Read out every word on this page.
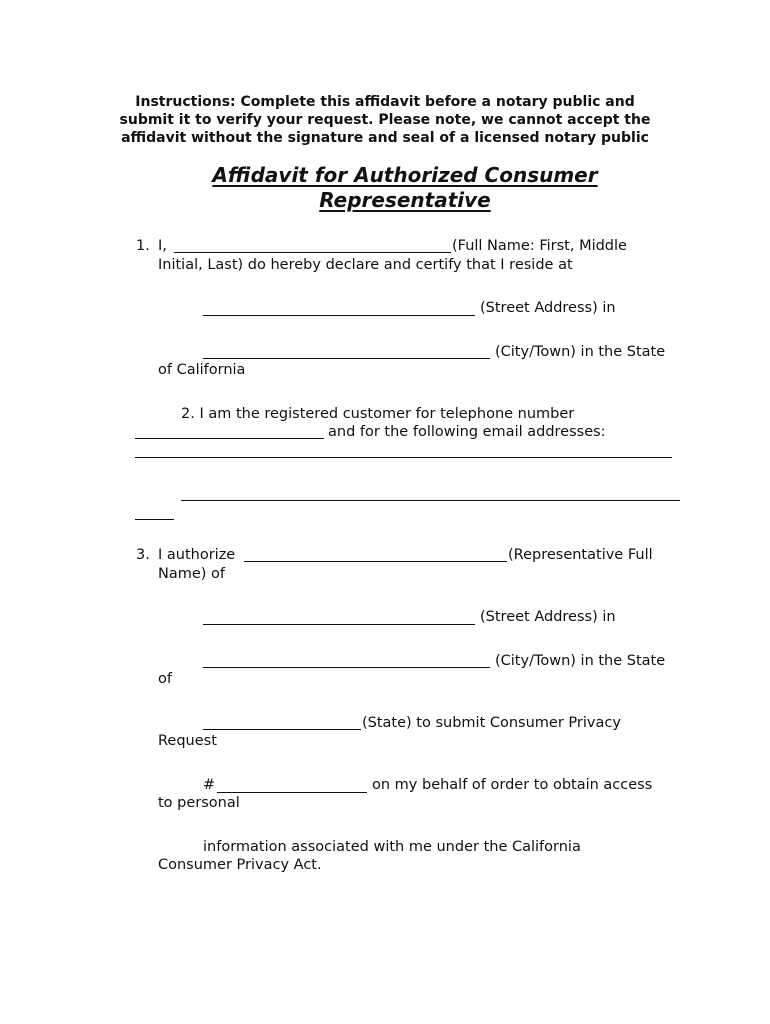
Instructions: Complete this affidavit before a notary public and
submit it to verify your request. Please note, we cannot accept the
affidavit without the signature and seal of a licensed notary public
Affidavit for Authorized Consumer
Representative
1. I,	(Full Name: First, Middle
Initial, Last) do hereby declare and certify that I reside at
(Street Address) in
(City/Town) in the State
of California
2. I am the registered customer for telephone number
and for the following email addresses:
3. I authorize	(Representative Full
Name) of
(Street Address) in
(City/Town) in the State
of
(State) to submit Consumer Privacy
Request
#	on my behalf of order to obtain access
to personal
information associated with me under the California
Consumer Privacy Act.
